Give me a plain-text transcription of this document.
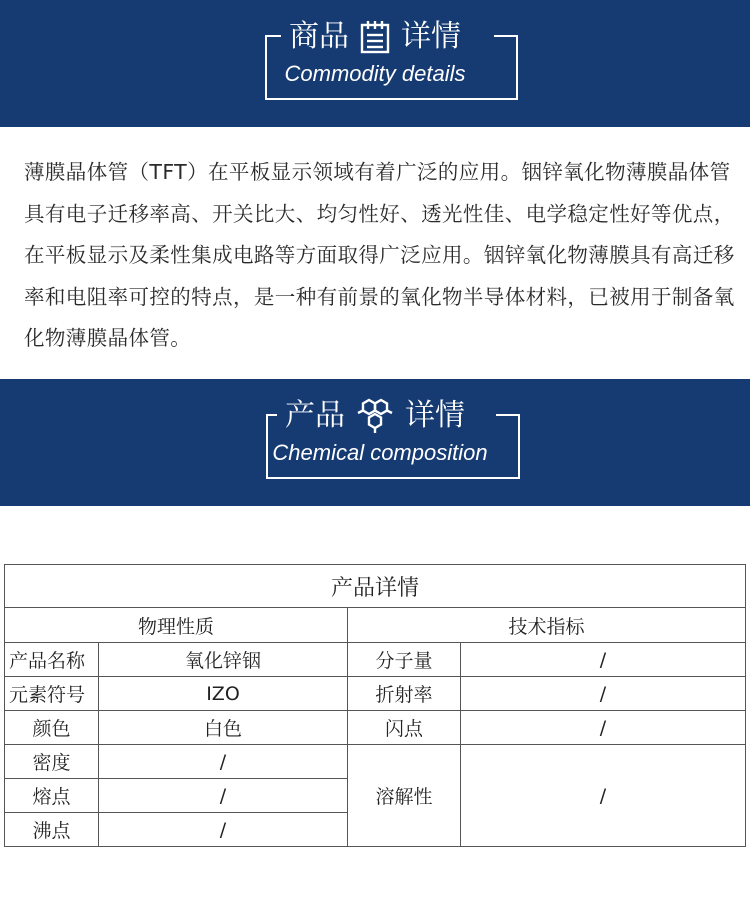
商品 详情
Commodity details

薄膜晶体管（TFT）在平板显示领域有着广泛的应用。铟锌氧化物薄膜晶体管具有电子迁移率高、开关比大、均匀性好、透光性佳、电学稳定性好等优点，在平板显示及柔性集成电路等方面取得广泛应用。铟锌氧化物薄膜具有高迁移率和电阻率可控的特点，是一种有前景的氧化物半导体材料，已被用于制备氧化物薄膜晶体管。

产品 详情
Chemical composition
产品详情			
物理性质		技术指标	
产品名称	氧化锌铟	分子量	/
元素符号	IZO	折射率	/
颜色	白色	闪点	/
密度	/	溶解性	/
熔点	/		
沸点	/		
